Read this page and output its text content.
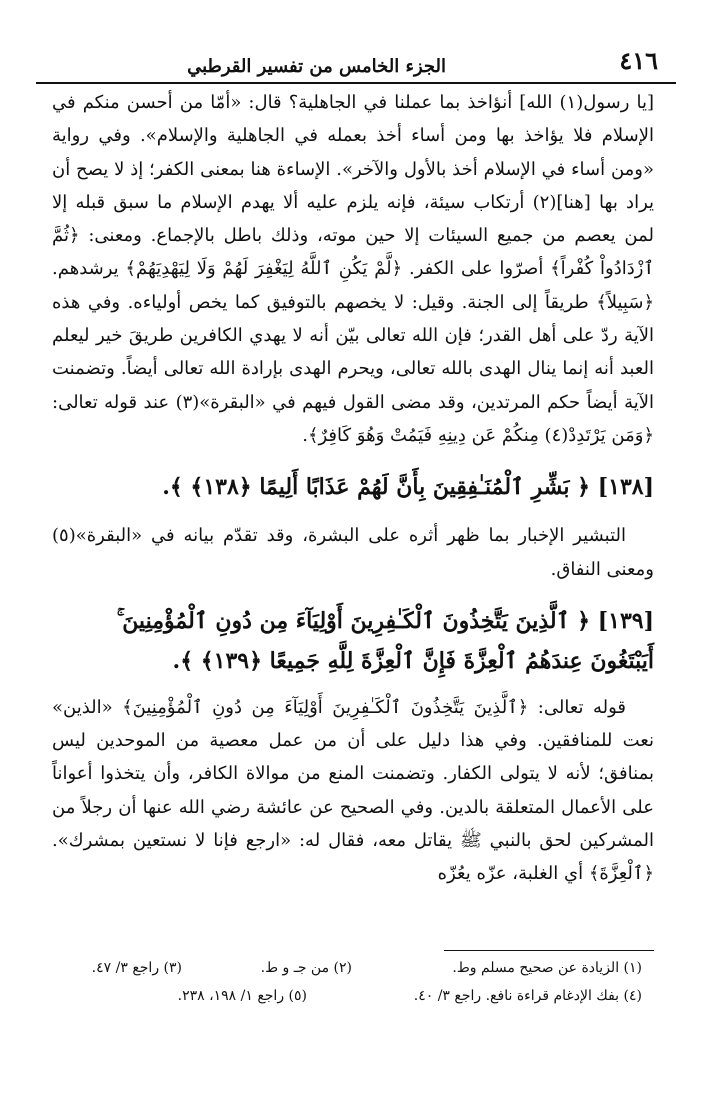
٤١٦
الجزء الخامس من تفسير القرطبي

[يا رسول(١) الله] أنؤاخذ بما عملنا في الجاهلية؟ قال: «أمّا من أحسن منكم في الإسلام فلا يؤاخذ بها ومن أساء أخذ بعمله في الجاهلية والإسلام». وفي رواية «ومن أساء في الإسلام أخذ بالأول والآخر». الإساءة هنا بمعنى الكفر؛ إذ لا يصح أن يراد بها [هنا](٢) أرتكاب سيئة، فإنه يلزم عليه ألا يهدم الإسلام ما سبق قبله إلا لمن يعصم من جميع السيئات إلا حين موته، وذلك باطل بالإجماع. ومعنى: ﴿ثُمَّ ٱزْدَادُواْ كُفْراً﴾ أصرّوا على الكفر. ﴿لَّمْ يَكُنِ ٱللَّهُ لِيَغْفِرَ لَهُمْ وَلَا لِيَهْدِيَهُمْ﴾ يرشدهم. ﴿سَبِيلاً﴾ طريقاً إلى الجنة. وقيل: لا يخصهم بالتوفيق كما يخص أولياءه. وفي هذه الآية ردّ على أهل القدر؛ فإن الله تعالى بيّن أنه لا يهدي الكافرين طريقَ خير ليعلم العبد أنه إنما ينال الهدى بالله تعالى، ويحرم الهدى بإرادة الله تعالى أيضاً. وتضمنت الآية أيضاً حكم المرتدين، وقد مضى القول فيهم في «البقرة»(٣) عند قوله تعالى: ﴿وَمَن يَرْتَدِدْ(٤) مِنكُمْ عَن دِينِهِ فَيَمُتْ وَهُوَ كَافِرٌ﴾.

[١٣٨] ﴿ بَشِّرِ ٱلْمُنَـٰفِقِينَ بِأَنَّ لَهُمْ عَذَابًا أَلِيمًا ﴿١٣٨﴾ ﴾.

التبشير الإخبار بما ظهر أثره على البشرة، وقد تقدّم بيانه في «البقرة»(٥) ومعنى النفاق.

[١٣٩] ﴿ ٱلَّذِينَ يَتَّخِذُونَ ٱلْكَـٰفِرِينَ أَوْلِيَآءَ مِن دُونِ ٱلْمُؤْمِنِينَ ۚ أَيَبْتَغُونَ عِندَهُمُ ٱلْعِزَّةَ فَإِنَّ ٱلْعِزَّةَ لِلَّهِ جَمِيعًا ﴿١٣٩﴾ ﴾.

قوله تعالى: ﴿ٱلَّذِينَ يَتَّخِذُونَ ٱلْكَـٰفِرِينَ أَوْلِيَآءَ مِن دُونِ ٱلْمُؤْمِنِينَ﴾ «الذين» نعت للمنافقين. وفي هذا دليل على أن من عمل معصية من الموحدين ليس بمنافق؛ لأنه لا يتولى الكفار. وتضمنت المنع من موالاة الكافر، وأن يتخذوا أعواناً على الأعمال المتعلقة بالدين. وفي الصحيح عن عائشة رضي الله عنها أن رجلاً من المشركين لحق بالنبي ﷺ يقاتل معه، فقال له: «ارجع فإنا لا نستعين بمشرك». ﴿ٱلْعِزَّةَ﴾ أي الغلبة، عزّه يعُزّه

(١) الزيادة عن صحيح مسلم وط.
(٢) من جـ و ط.
(٣) راجع ٣/ ٤٧.
(٤) بفك الإدغام قراءة نافع. راجع ٣/ ٤٠.
(٥) راجع ١/ ١٩٨، ٢٣٨.
